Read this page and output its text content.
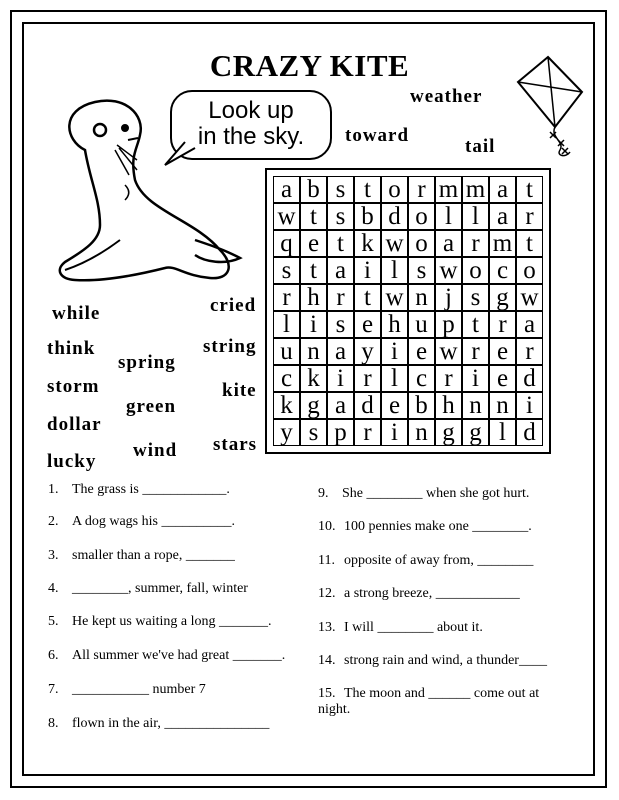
CRAZY KITE
Look up
in the sky.
weather
toward
tail
while	cried
think
spring
string
storm	kite
green
dollar
wind stars
lucky
a b s t o r m m a t
w t s b d o l l a r
q e t k w o a r m t
s t a i l s w o c o
r h r t w n j s g w
l i s e h u p t r a
u n a y i e w r e r
c k i r l c r i e d
k g a d e b h n n i
y s p r i n g g l d
1. The grass is ____________.
2. A dog wags his __________.
3. smaller than a rope, _______
4. ________, summer, fall, winter
5. He kept us waiting a long _______.
6. All summer we've had great _______.
7. ___________ number 7
8. flown in the air, _______________
9. She ________ when she got hurt.
10. 100 pennies make one ________.
11. opposite of away from, ________
12. a strong breeze, ____________
13. I will ________ about it.
14. strong rain and wind, a thunder____
15. The moon and ______ come out at night.
